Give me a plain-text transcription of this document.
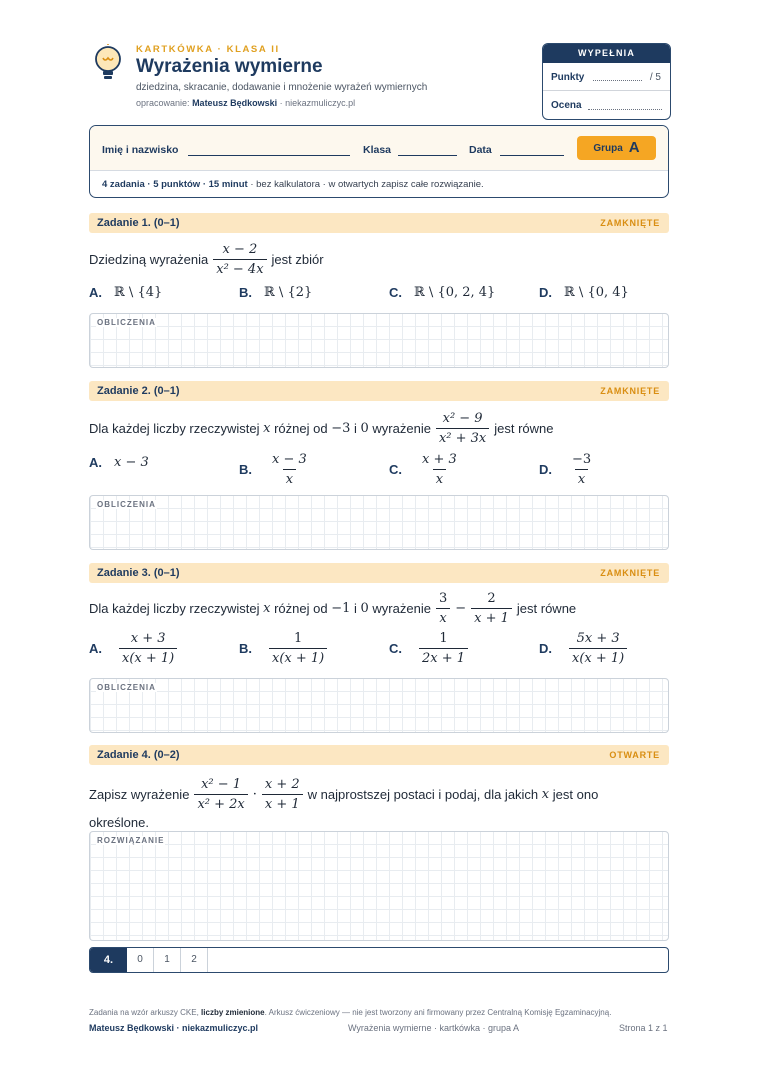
KARTKÓWKA · KLASA II
Wyrażenia wymierne
dziedzina, skracanie, dodawanie i mnożenie wyrażeń wymiernych
opracowanie: Mateusz Będkowski · niekazmuliczyc.pl
WYPEŁNIA NAUCZYCIEL
Punkty	/ 5
Ocena
Imię i nazwisko	Klasa	Data	Grupa A
4 zadania · 5 punktów · 15 minut · bez kalkulatora · w otwartych zapisz całe rozwiązanie.
Zadanie 1. (0–1)	ZAMKNIĘTE
Dziedziną wyrażenia $\frac{x - 2}{\text{x² − 4x}}$ jest zbiór
A. ℝ \ {4}	B. ℝ \ {2}	C. ℝ \ {0, 2, 4}	D. ℝ \ {0, 4}
OBLICZENIA
Zadanie 2. (0–1)	ZAMKNIĘTE
Dla każdej liczby rzeczywistej
x
różnej od
−3
i
0
wyrażenie $\frac{\text{x² − 9}}{\text{x² + 3x}}$ jest równe
A. x − 3	B. $\frac{x - 3}{x}$	C. $\frac{x + 3}{x}$	D. $\frac{-3}{x}$
OBLICZENIA
Zadanie 3. (0–1)	ZAMKNIĘTE
Dla każdej liczby rzeczywistej
x
różnej od
−1
i
0
wyrażenie $\frac{3}{x} - \frac{2}{x + 1}$ jest równe
A. $\frac{x + 3}{x(x + 1)}$	B. $\frac{1}{x(x + 1)}$	C. $\frac{1}{2x + 1}$	D. $\frac{5x + 3}{x(x + 1)}$
OBLICZENIA
Zadanie 4. (0–2)	OTWARTE
Zapisz wyrażenie $\frac{\text{x² − 1}}{\text{x² + 2x}} \cdot \frac{x + 2}{x + 1}$ w najprostszej postaci i podaj, dla jakich
x
jest ono
określone.
ROZWIĄZANIE
4.	0	1	2
Zadania na wzór arkuszy CKE, liczby zmienione. Arkusz ćwiczeniowy — nie jest tworzony ani firmowany przez Centralną Komisję Egzaminacyjną.
Mateusz Będkowski · niekazmuliczyc.pl	Wyrażenia wymierne · kartkówka · grupa A	Strona 1 z 1
